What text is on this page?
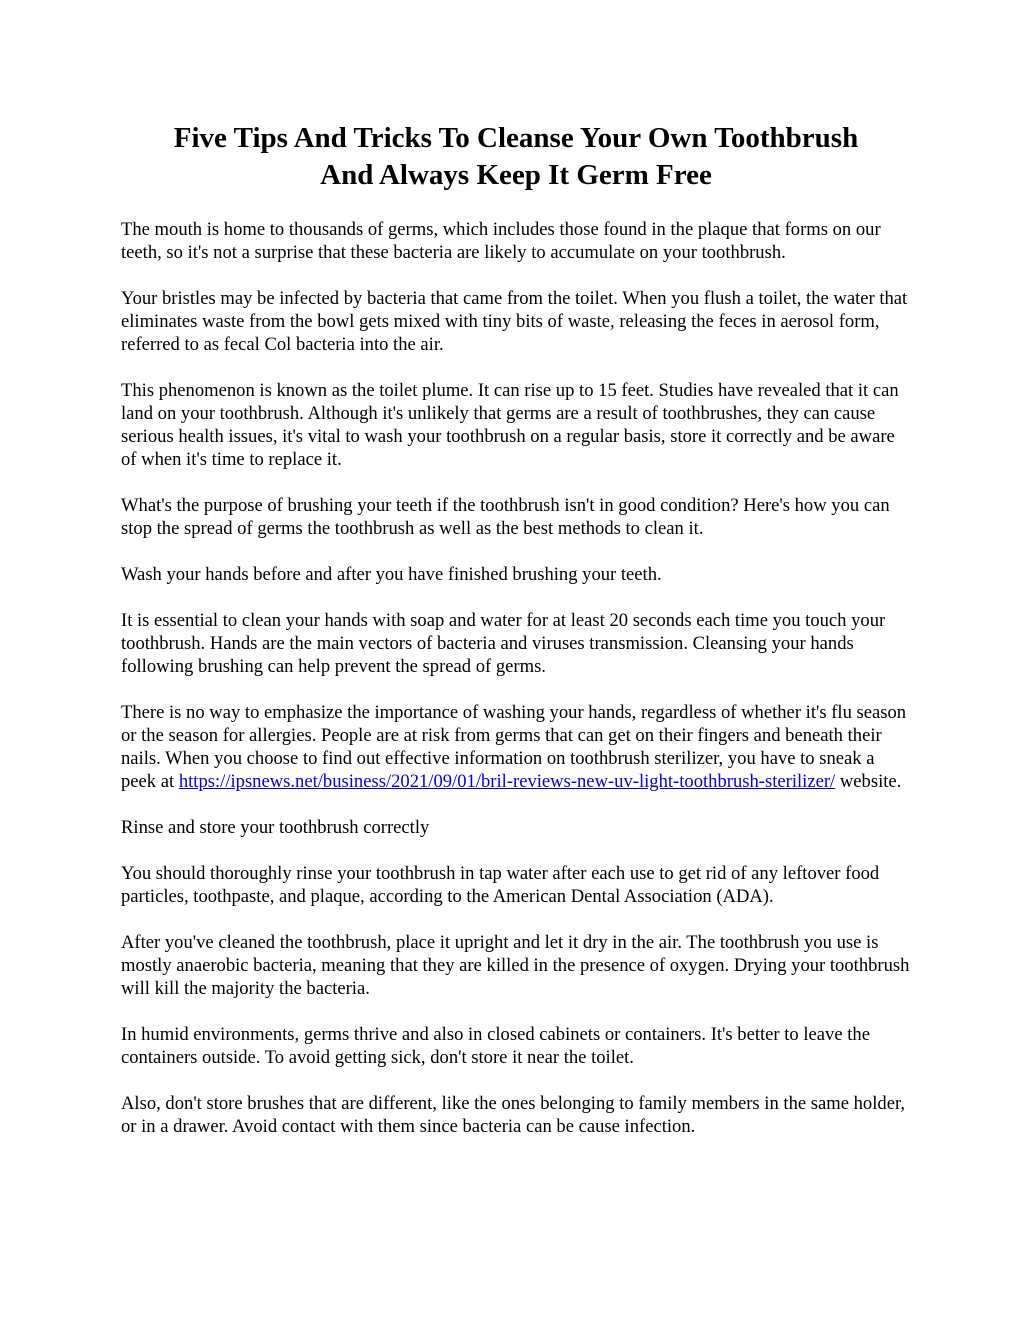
Five Tips And Tricks To Cleanse Your Own Toothbrush
And Always Keep It Germ Free

The mouth is home to thousands of germs, which includes those found in the plaque that forms on our teeth, so it's not a surprise that these bacteria are likely to accumulate on your toothbrush.

Your bristles may be infected by bacteria that came from the toilet. When you flush a toilet, the water that eliminates waste from the bowl gets mixed with tiny bits of waste, releasing the feces in aerosol form, referred to as fecal Col bacteria into the air.

This phenomenon is known as the toilet plume. It can rise up to 15 feet. Studies have revealed that it can land on your toothbrush. Although it's unlikely that germs are a result of toothbrushes, they can cause serious health issues, it's vital to wash your toothbrush on a regular basis, store it correctly and be aware of when it's time to replace it.

What's the purpose of brushing your teeth if the toothbrush isn't in good condition? Here's how you can stop the spread of germs the toothbrush as well as the best methods to clean it.

Wash your hands before and after you have finished brushing your teeth.

It is essential to clean your hands with soap and water for at least 20 seconds each time you touch your toothbrush. Hands are the main vectors of bacteria and viruses transmission. Cleansing your hands following brushing can help prevent the spread of germs.

There is no way to emphasize the importance of washing your hands, regardless of whether it's flu season or the season for allergies. People are at risk from germs that can get on their fingers and beneath their nails. When you choose to find out effective information on toothbrush sterilizer, you have to sneak a peek at https://ipsnews.net/business/2021/09/01/bril-reviews-new-uv-light-toothbrush-sterilizer/ website.

Rinse and store your toothbrush correctly

You should thoroughly rinse your toothbrush in tap water after each use to get rid of any leftover food particles, toothpaste, and plaque, according to the American Dental Association (ADA).

After you've cleaned the toothbrush, place it upright and let it dry in the air. The toothbrush you use is mostly anaerobic bacteria, meaning that they are killed in the presence of oxygen. Drying your toothbrush will kill the majority the bacteria.

In humid environments, germs thrive and also in closed cabinets or containers. It's better to leave the containers outside. To avoid getting sick, don't store it near the toilet.

Also, don't store brushes that are different, like the ones belonging to family members in the same holder, or in a drawer. Avoid contact with them since bacteria can be cause infection.
